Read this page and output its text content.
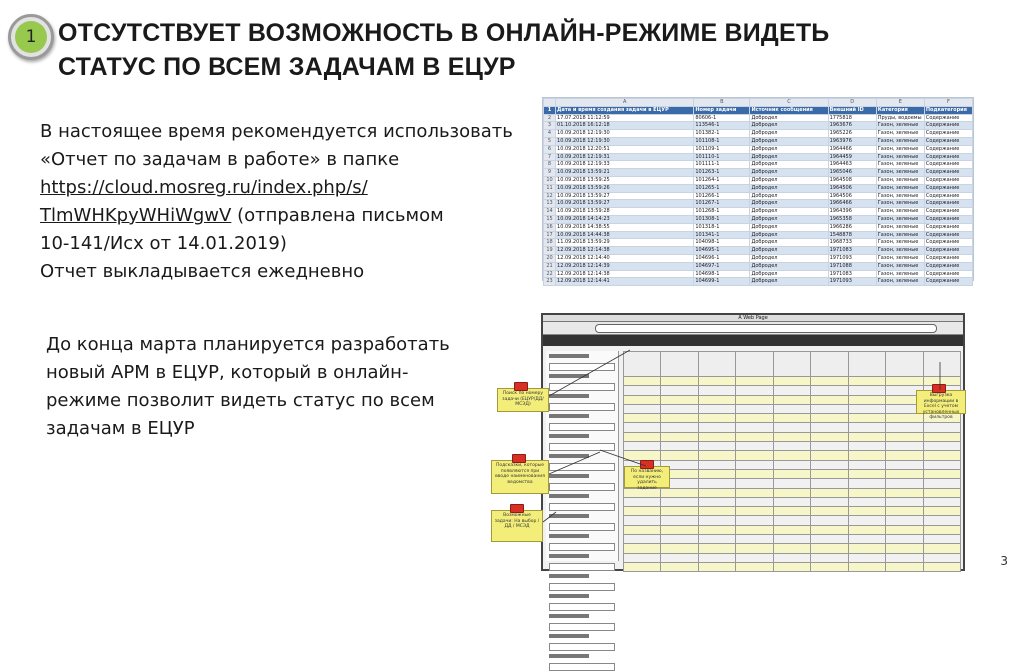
1 ОТСУТСТВУЕТ ВОЗМОЖНОСТЬ В ОНЛАЙН-РЕЖИМЕ ВИДЕТЬ
СТАТУС ПО ВСЕМ ЗАДАЧАМ В ЕЦУР
В настоящее время рекомендуется использовать
«Отчет по задачам в работе» в папке
https://cloud.mosreg.ru/index.php/s/
TlmWHKpyWHiWgwV (отправлена письмом
10-141/Исх от 14.01.2019)
Отчет выкладывается ежедневно
До конца марта планируется разработать новый АРМ в ЕЦУР, который в онлайн-режиме позволит видеть статус по всем задачам в ЕЦУР
	A	B	C	D	E	F
1	Дата и время создания задачи в ЕЦУР	Номер задачи	Источник сообщения	Внешний ID	Категория	Подкатегория
2	17.07.2018 11:12:59	80606-1	Добродел	1775818	Пруды, водоемы	Содержание
3	01.10.2018 16:12:18	113546-1	Добродел	1963676	Газон, зеленые	Содержание
4	10.09.2018 12:19:30	101382-1	Добродел	1965226	Газон, зеленые	Содержание
5	10.09.2018 12:19:30	101108-1	Добродел	1963976	Газон, зеленые	Содержание
6	10.09.2018 12:20:51	101109-1	Добродел	1964466	Газон, зеленые	Содержание
7	10.09.2018 12:19:31	101110-1	Добродел	1964459	Газон, зеленые	Содержание
8	10.09.2018 12:19:33	101111-1	Добродел	1964463	Газон, зеленые	Содержание
9	10.09.2018 13:59:21	101263-1	Добродел	1965046	Газон, зеленые	Содержание
10	10.09.2018 13:59:25	101264-1	Добродел	1964508	Газон, зеленые	Содержание
11	10.09.2018 13:59:26	101265-1	Добродел	1964506	Газон, зеленые	Содержание
12	10.09.2018 13:59:27	101266-1	Добродел	1964506	Газон, зеленые	Содержание
13	10.09.2018 13:59:27	101267-1	Добродел	1966466	Газон, зеленые	Содержание
14	10.09.2018 13:59:28	101268-1	Добродел	1964396	Газон, зеленые	Содержание
15	10.09.2018 14:14:23	101308-1	Добродел	1965358	Газон, зеленые	Содержание
16	10.09.2018 14:38:55	101318-1	Добродел	1966286	Газон, зеленые	Содержание
17	10.09.2018 14:44:38	101341-1	Добродел	1548878	Газон, зеленые	Содержание
18	11.09.2018 13:59:29	104098-1	Добродел	1968733	Газон, зеленые	Содержание
19	12.09.2018 12:14:38	104695-1	Добродел	1971083	Газон, зеленые	Содержание
20	12.09.2018 12:14:40	104696-1	Добродел	1971093	Газон, зеленые	Содержание
21	12.09.2018 12:14:39	104697-1	Добродел	1971088	Газон, зеленые	Содержание
22	12.09.2018 12:14:38	104698-1	Добродел	1971083	Газон, зеленые	Содержание
23	12.09.2018 12:14:41	104699-1	Добродел	1971093	Газон, зеленые	Содержание
A Web Page

Поиск по номеру задачи (ЕЦУР/ДД/МСЭД)
Подсказки, которые появляются при вводе наименования ведомства
Возможные задачи: На выбор / ДД / МСЭД
По названию, если нужно удалить задание
Выгрузка информации в Excel с учетом установленных фильтров
3
